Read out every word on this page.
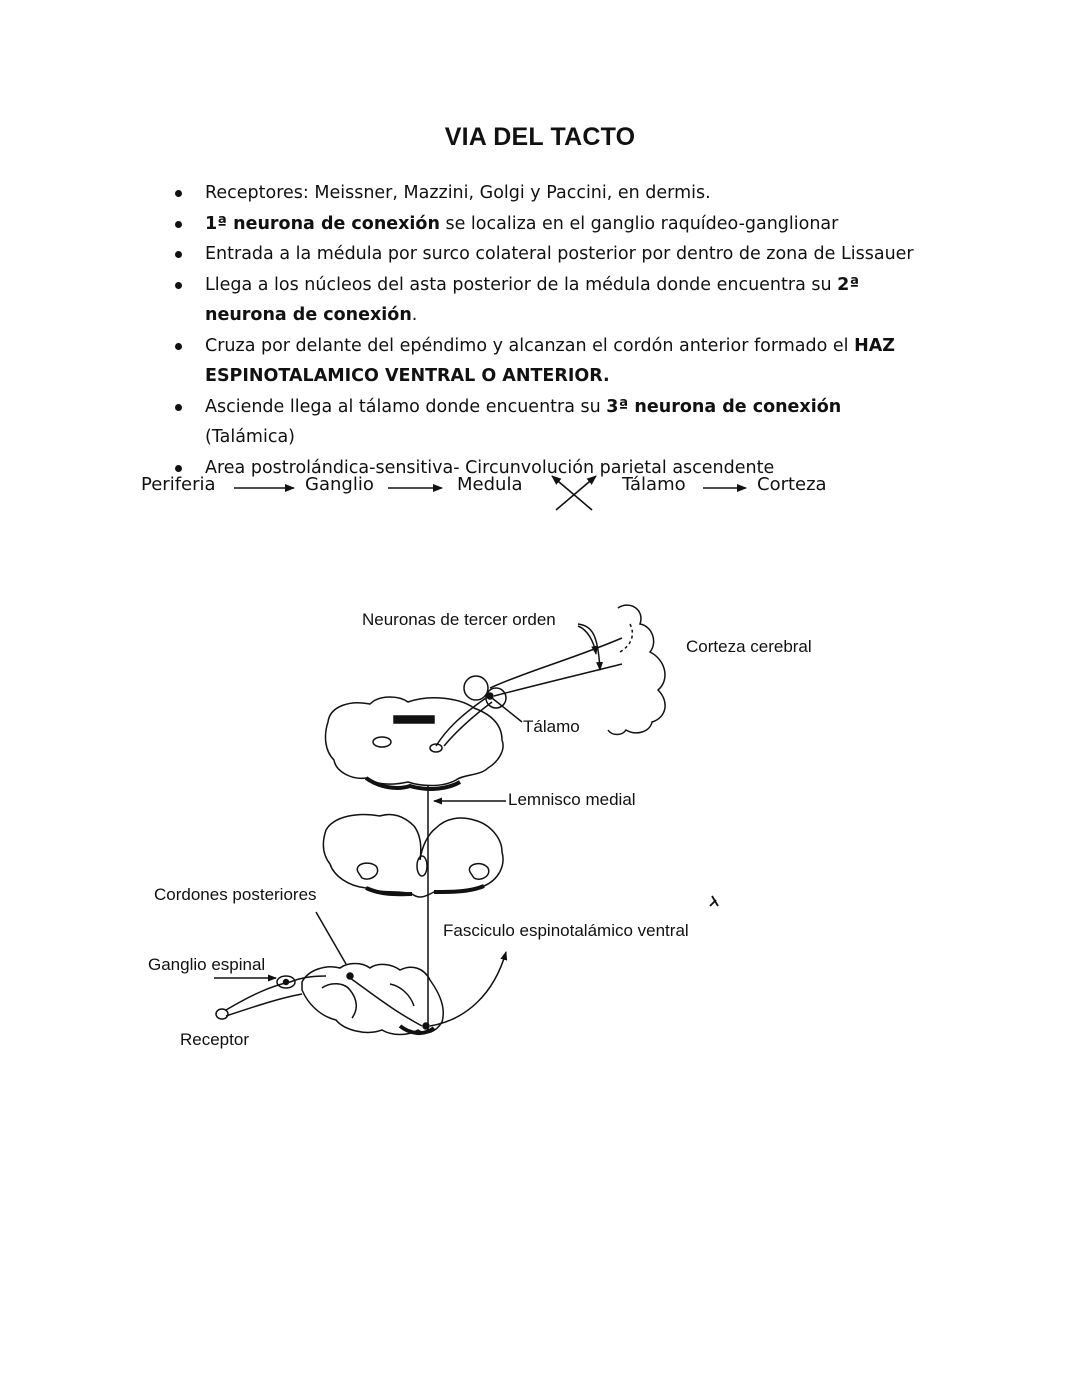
VIA DEL TACTO
Receptores: Meissner, Mazzini, Golgi y Paccini, en dermis.
1ª neurona de conexión se localiza en el ganglio raquídeo-ganglionar
Entrada a la médula por surco colateral posterior por dentro de zona de Lissauer
Llega a los núcleos del asta posterior de la médula donde encuentra su 2ª neurona de conexión.
Cruza por delante del epéndimo y alcanzan el cordón anterior formado el HAZ ESPINOTALAMICO VENTRAL O ANTERIOR.
Asciende llega al tálamo donde encuentra su 3ª neurona de conexión (Talámica)
Area postrolándica-sensitiva- Circunvolución parietal ascendente
Periferia	Ganglio	Medula	Tálamo	Corteza
Neuronas de tercer orden
Corteza cerebral
Tálamo
Lemnisco medial
Cordones posteriores
Fasciculo espinotalámico ventral
Ganglio espinal
Receptor
